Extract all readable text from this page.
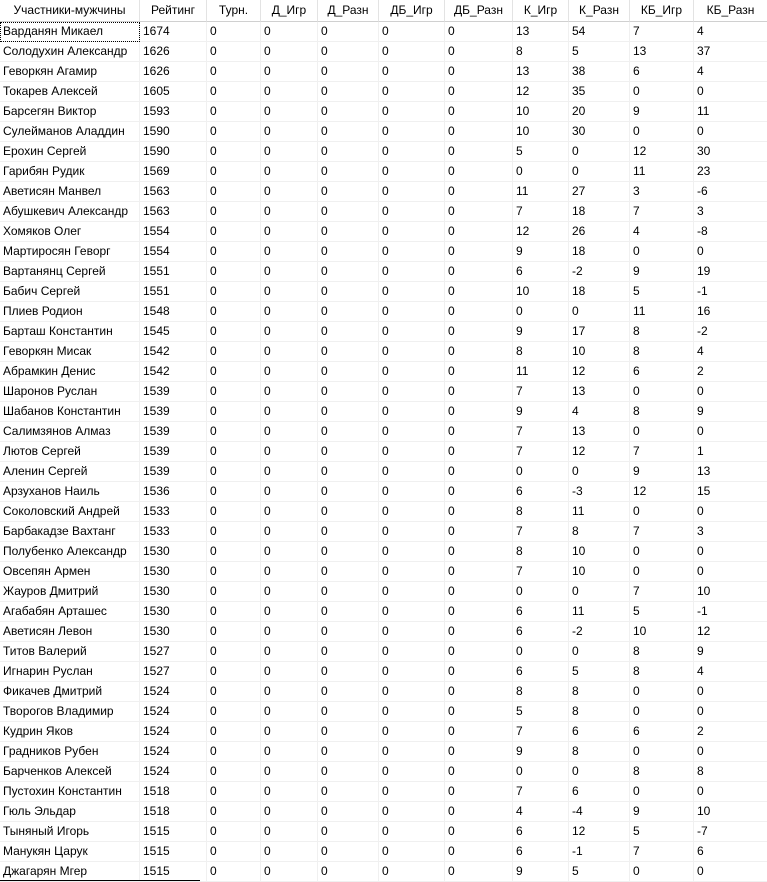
Участники-мужчины	Рейтинг	Турн.	Д_Игр	Д_Разн	ДБ_Игр	ДБ_Разн	К_Игр	К_Разн	КБ_Игр	КБ_Разн
Варданян Микаел	1674	0	0	0	0	0	13	54	7	4
Солодухин Александр	1626	0	0	0	0	0	8	5	13	37
Геворкян Агамир	1626	0	0	0	0	0	13	38	6	4
Токарев Алексей	1605	0	0	0	0	0	12	35	0	0
Барсегян Виктор	1593	0	0	0	0	0	10	20	9	11
Сулейманов Аладдин	1590	0	0	0	0	0	10	30	0	0
Ерохин Сергей	1590	0	0	0	0	0	5	0	12	30
Гарибян Рудик	1569	0	0	0	0	0	0	0	11	23
Аветисян Манвел	1563	0	0	0	0	0	11	27	3	-6
Абушкевич Александр	1563	0	0	0	0	0	7	18	7	3
Хомяков Олег	1554	0	0	0	0	0	12	26	4	-8
Мартиросян Геворг	1554	0	0	0	0	0	9	18	0	0
Вартанянц Сергей	1551	0	0	0	0	0	6	-2	9	19
Бабич Сергей	1551	0	0	0	0	0	10	18	5	-1
Плиев Родион	1548	0	0	0	0	0	0	0	11	16
Барташ Константин	1545	0	0	0	0	0	9	17	8	-2
Геворкян Мисак	1542	0	0	0	0	0	8	10	8	4
Абрамкин Денис	1542	0	0	0	0	0	11	12	6	2
Шаронов Руслан	1539	0	0	0	0	0	7	13	0	0
Шабанов Константин	1539	0	0	0	0	0	9	4	8	9
Салимзянов Алмаз	1539	0	0	0	0	0	7	13	0	0
Лютов Сергей	1539	0	0	0	0	0	7	12	7	1
Аленин Сергей	1539	0	0	0	0	0	0	0	9	13
Арзуханов Наиль	1536	0	0	0	0	0	6	-3	12	15
Соколовский Андрей	1533	0	0	0	0	0	8	11	0	0
Барбакадзе Вахтанг	1533	0	0	0	0	0	7	8	7	3
Полубенко Александр	1530	0	0	0	0	0	8	10	0	0
Овсепян Армен	1530	0	0	0	0	0	7	10	0	0
Жауров Дмитрий	1530	0	0	0	0	0	0	0	7	10
Агабабян Арташес	1530	0	0	0	0	0	6	11	5	-1
Аветисян Левон	1530	0	0	0	0	0	6	-2	10	12
Титов Валерий	1527	0	0	0	0	0	0	0	8	9
Игнарин Руслан	1527	0	0	0	0	0	6	5	8	4
Фикачев Дмитрий	1524	0	0	0	0	0	8	8	0	0
Творогов Владимир	1524	0	0	0	0	0	5	8	0	0
Кудрин Яков	1524	0	0	0	0	0	7	6	6	2
Градников Рубен	1524	0	0	0	0	0	9	8	0	0
Барченков Алексей	1524	0	0	0	0	0	0	0	8	8
Пустохин Константин	1518	0	0	0	0	0	7	6	0	0
Гюль Эльдар	1518	0	0	0	0	0	4	-4	9	10
Тыняный Игорь	1515	0	0	0	0	0	6	12	5	-7
Манукян Царук	1515	0	0	0	0	0	6	-1	7	6
Джагарян Мгер	1515	0	0	0	0	0	9	5	0	0
